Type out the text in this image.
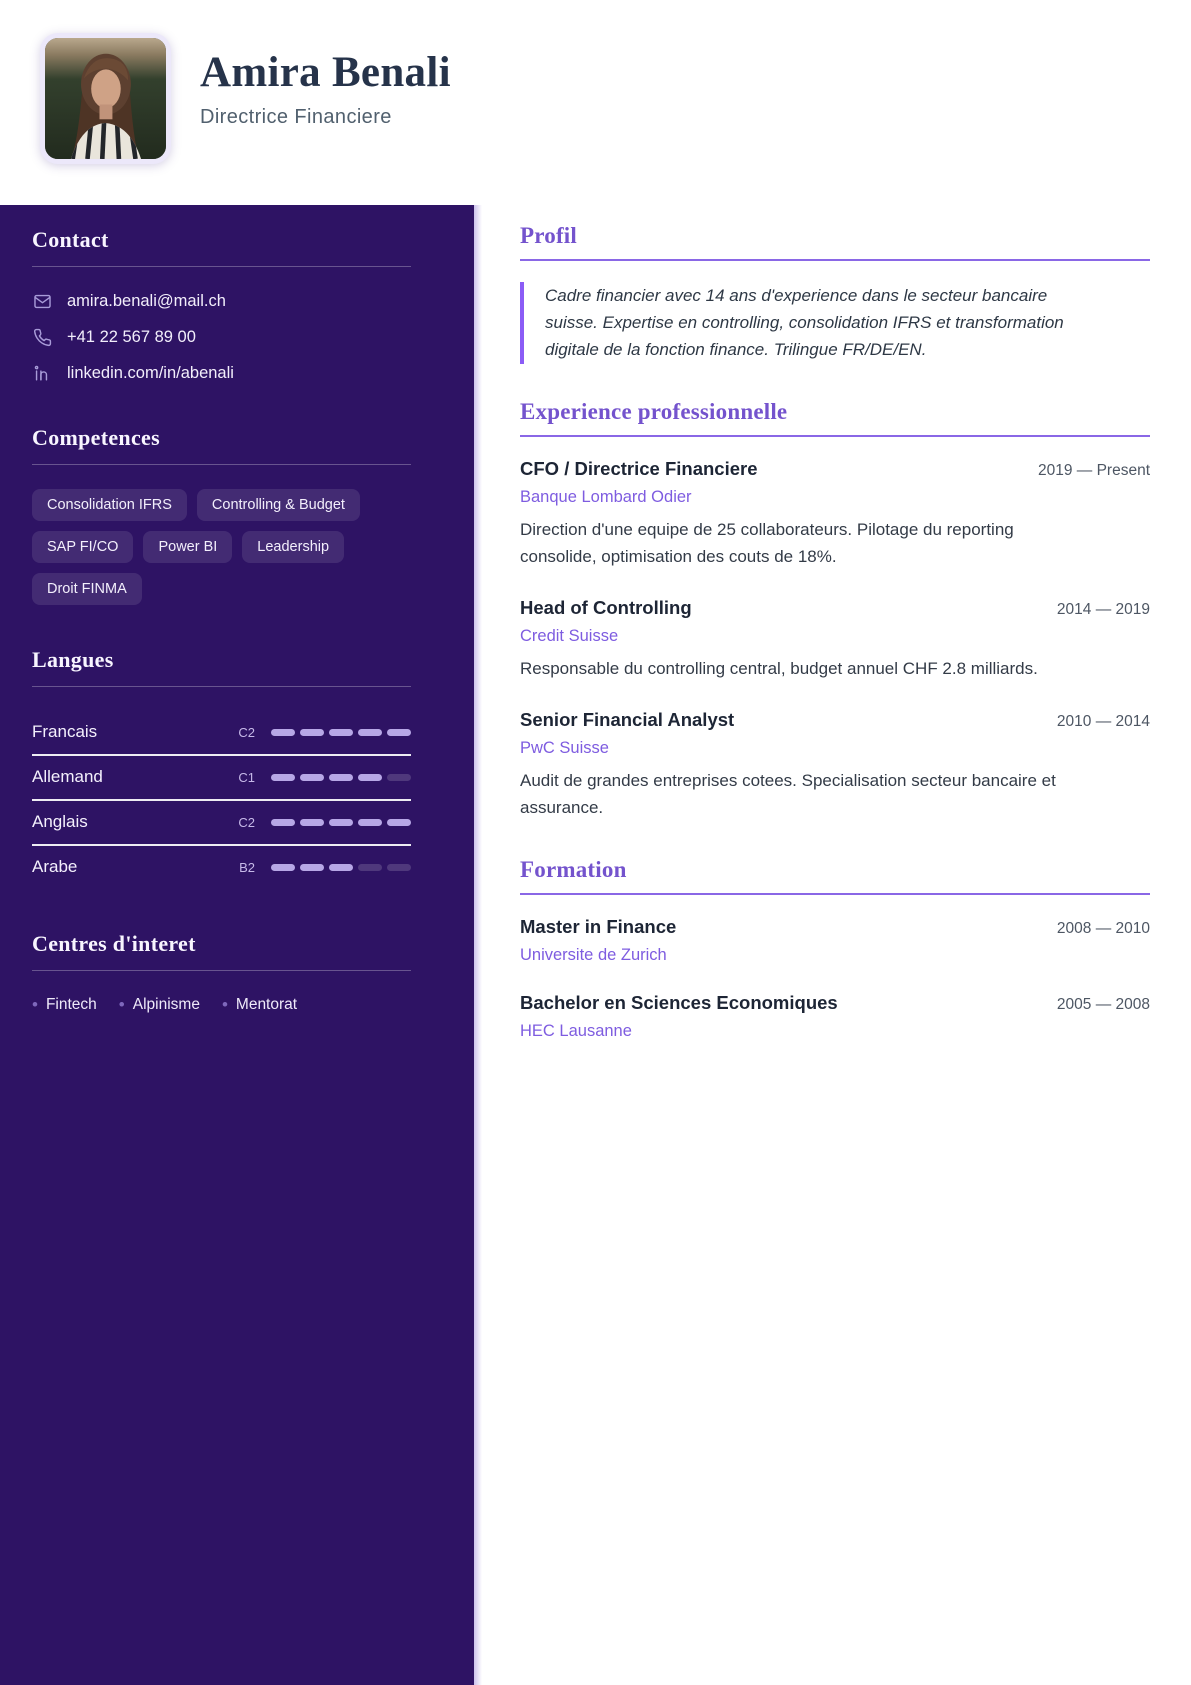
Amira Benali
Directrice Financiere
Contact
amira.benali@mail.ch
+41 22 567 89 00
linkedin.com/in/abenali
Competences
Consolidation IFRS	Controlling & Budget
SAP FI/CO	Power BI	Leadership
Droit FINMA
Langues
Francais	C2
Allemand	C1
Anglais	C2
Arabe	B2
Centres d'interet
• Fintech • Alpinisme • Mentorat
Profil
Cadre financier avec 14 ans d'experience dans le secteur bancaire suisse. Expertise en controlling, consolidation IFRS et transformation digitale de la fonction finance. Trilingue FR/DE/EN.
Experience professionnelle
CFO / Directrice Financiere	2019 — Present
Banque Lombard Odier
Direction d'une equipe de 25 collaborateurs. Pilotage du reporting consolide, optimisation des couts de 18%.
Head of Controlling	2014 — 2019
Credit Suisse
Responsable du controlling central, budget annuel CHF 2.8 milliards.
Senior Financial Analyst	2010 — 2014
PwC Suisse
Audit de grandes entreprises cotees. Specialisation secteur bancaire et assurance.
Formation
Master in Finance	2008 — 2010
Universite de Zurich
Bachelor en Sciences Economiques	2005 — 2008
HEC Lausanne
